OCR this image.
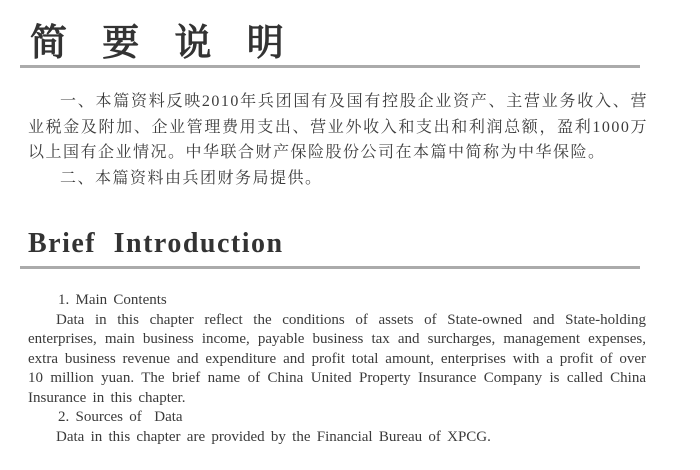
简 要 说 明

一、本篇资料反映2010年兵团国有及国有控股企业资产、主营业务收入、营业税金及附加、企业管理费用支出、营业外收入和支出和利润总额，盈利1000万以上国有企业情况。中华联合财产保险股份公司在本篇中简称为中华保险。

二、本篇资料由兵团财务局提供。

Brief Introduction

1. Main Contents

Data in this chapter reflect the conditions of assets of State-owned and State-holding enterprises, main business income, payable business tax and surcharges, management expenses, extra business revenue and expenditure and profit total amount, enterprises with a profit of over 10 million yuan. The brief name of China United Property Insurance Company is called China Insurance in this chapter.

2. Sources of  Data

Data in this chapter are provided by the Financial Bureau of XPCG.
